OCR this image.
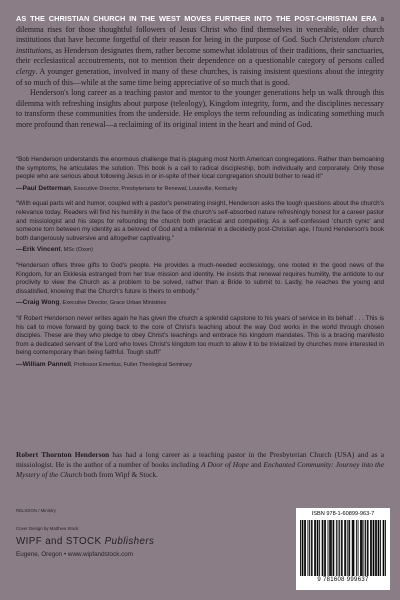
AS THE CHRISTIAN CHURCH IN THE WEST MOVES FURTHER INTO THE POST-CHRISTIAN ERA a dilemma rises for those thoughtful followers of Jesus Christ who find themselves in venerable, older church institutions that have become forgetful of their reason for being in the purpose of God. Such Christendom church institutions, as Henderson designates them, rather become somewhat idolatrous of their traditions, their sanctuaries, their ecclesiastical accoutrements, not to mention their dependence on a questionable category of persons called clergy. A younger generation, involved in many of these churches, is raising insistent questions about the integrity of so much of this—while at the same time being appreciative of so much that is good.

Henderson's long career as a teaching pastor and mentor to the younger generations help us walk through this dilemma with refreshing insights about purpose (teleology), Kingdom integrity, form, and the disciplines necessary to transform these communities from the underside. He employs the term refounding as indicating something much more profound than renewal—a reclaiming of its original intent in the heart and mind of God.

“Bob Henderson understands the enormous challenge that is plaguing most North American congregations. Rather than bemoaning the symptoms, he articulates the solution. This book is a call to radical discipleship, both individually and corporately. Only those people who are serious about following Jesus in or in-spite of their local congregation should bother to read it!”

—Paul Detterman, Executive Director, Presbyterians for Renewal, Louisville, Kentucky

“With equal parts wit and humor, coupled with a pastor's penetrating insight, Henderson asks the tough questions about the church's relevance today. Readers will find his humility in the face of the church's self-absorbed nature refreshingly honest for a career pastor and missiologist and his steps for refounding the church both practical and compelling. As a self-confessed 'church cynic' and someone torn between my identity as a beloved of God and a millennial in a decidedly post-Christian age, I found Henderson's book both dangerously subversive and altogether captivating.”

—Erik Vincent, MSc (Oxon)

“Henderson offers three gifts to God's people. He provides a much-needed ecclesiology, one rooted in the good news of the Kingdom, for an Ekklesia estranged from her true mission and identity. He insists that renewal requires humility, the antidote to our proclivity to view the Church as a problem to be solved, rather than a Bride to submit to. Lastly, he reaches the young and dissatisfied, knowing that the Church's future is theirs to embody.”

—Craig Wong, Executive Director, Grace Urban Ministries

“If Robert Henderson never writes again he has given the church a splendid capstone to his years of service in its behalf . . . This is his call to move forward by going back to the core of Christ's teaching about the way God works in the world through chosen disciples. These are they who pledge to obey Christ's teachings and embrace his kingdom mandates. This is a bracing manifesto from a dedicated servant of the Lord who loves Christ's kingdom too much to allow it to be trivialized by churches more interested in being contemporary than being faithful. Tough stuff!”

—William Pannell, Professor Emeritus, Fuller Theological Seminary

Robert Thornton Henderson has had a long career as a teaching pastor in the Presbyterian Church (USA) and as a missiologist. He is the author of a number of books including A Door of Hope and Enchanted Community: Journey into the Mystery of the Church both from Wipf & Stock.

RELIGION / Ministry
Cover Design by Matthew Stock
WIPF and STOCK Publishers
Eugene, Oregon • www.wipfandstock.com
ISBN 978-1-60899-963-7
9 781608 999637
